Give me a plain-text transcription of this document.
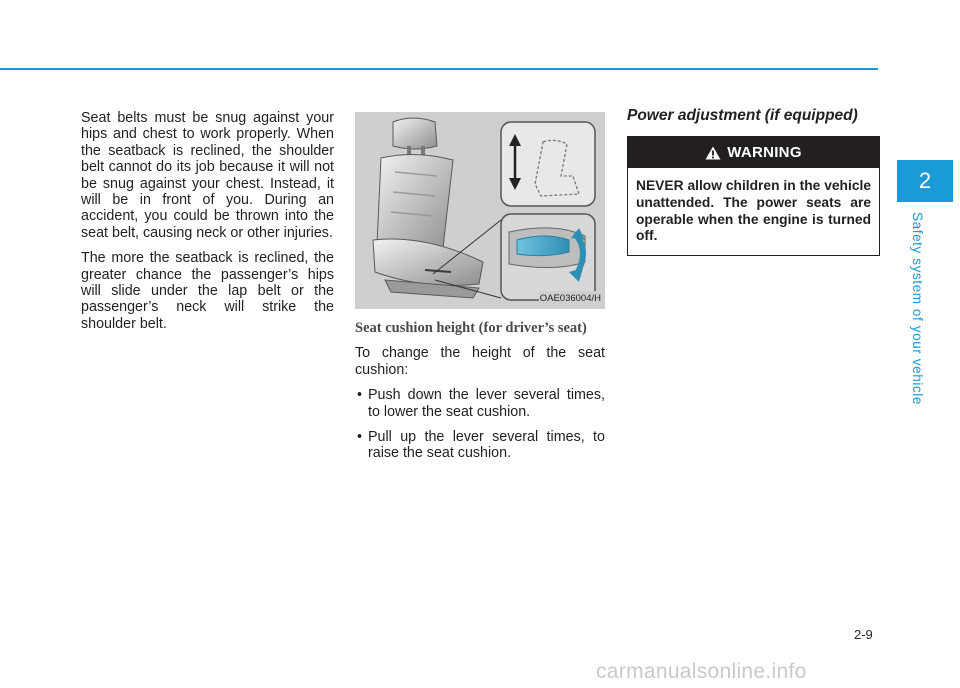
Seat belts must be snug against your hips and chest to work properly. When the seatback is reclined, the shoulder belt cannot do its job because it will not be snug against your chest. Instead, it will be in front of you. During an accident, you could be thrown into the seat belt, causing neck or other injuries.

The more the seatback is reclined, the greater chance the passenger’s hips will slide under the lap belt or the passenger’s neck will strike the shoulder belt.

OAE036004/H
Seat cushion height (for driver’s seat)

To change the height of the seat cushion:

• Push down the lever several times, to lower the seat cushion.
• Pull up the lever several times, to raise the seat cushion.
Power adjustment (if equipped)
WARNING
NEVER allow children in the vehicle unattended. The power seats are operable when the engine is turned off.
2
Safety system of your vehicle
2-9
carmanualsonline.info
